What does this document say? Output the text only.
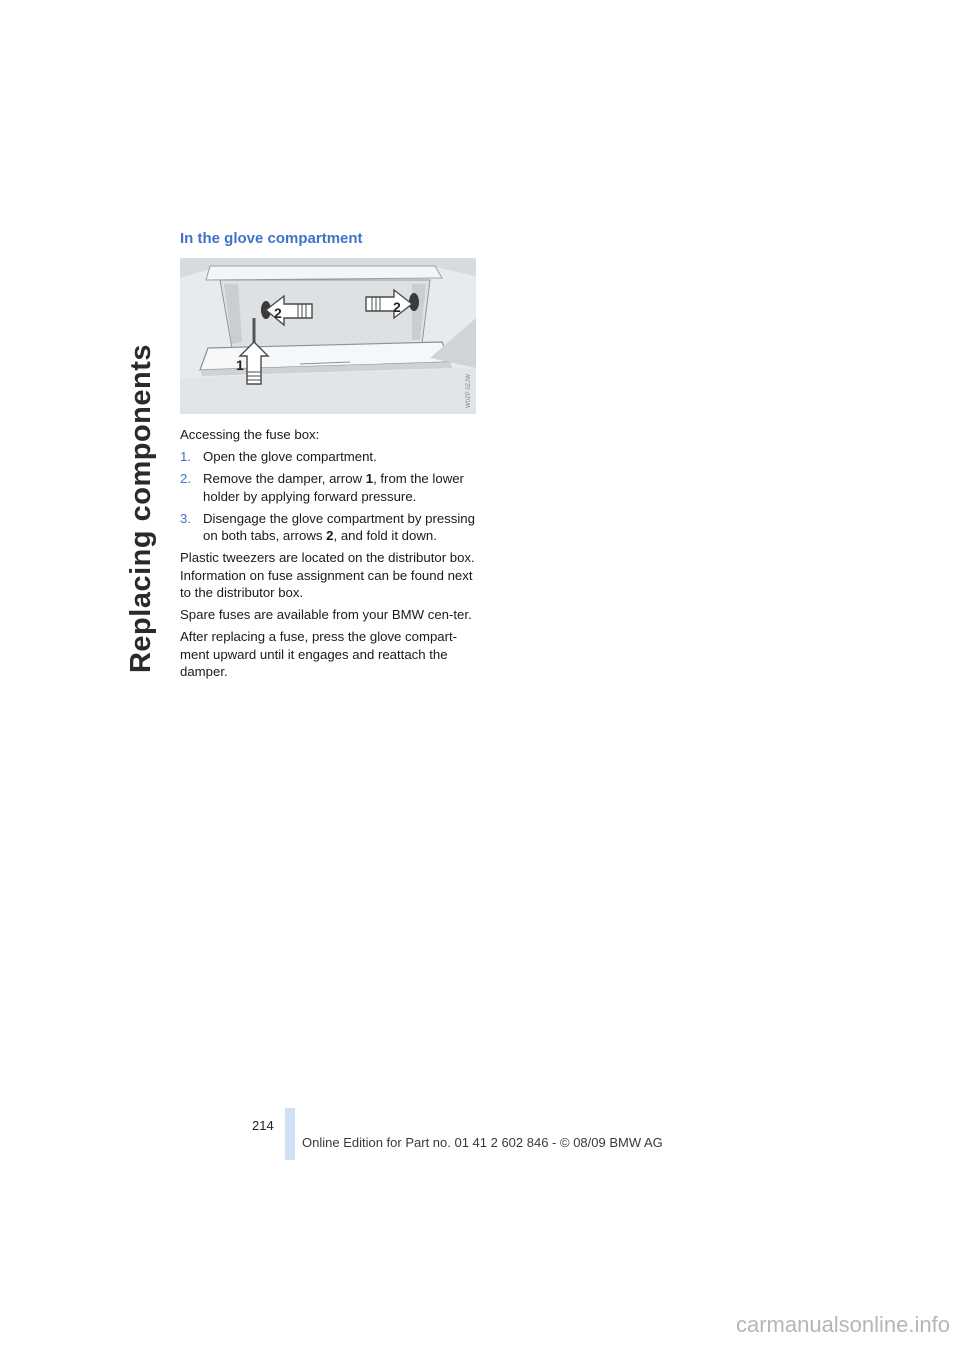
Replacing components
In the glove compartment
2	2
1
W0ZP 0ZJW

Accessing the fuse box:

1. Open the glove compartment.
2. Remove the damper, arrow 1, from the lower holder by applying forward pressure.
3. Disengage the glove compartment by pressing on both tabs, arrows 2, and fold it down.

Plastic tweezers are located on the distributor box.
Information on fuse assignment can be found next to the distributor box.

Spare fuses are available from your BMW cen-ter.

After replacing a fuse, press the glove compart-ment upward until it engages and reattach the damper.

214
Online Edition for Part no. 01 41 2 602 846 - © 08/09 BMW AG
carmanualsonline.info
